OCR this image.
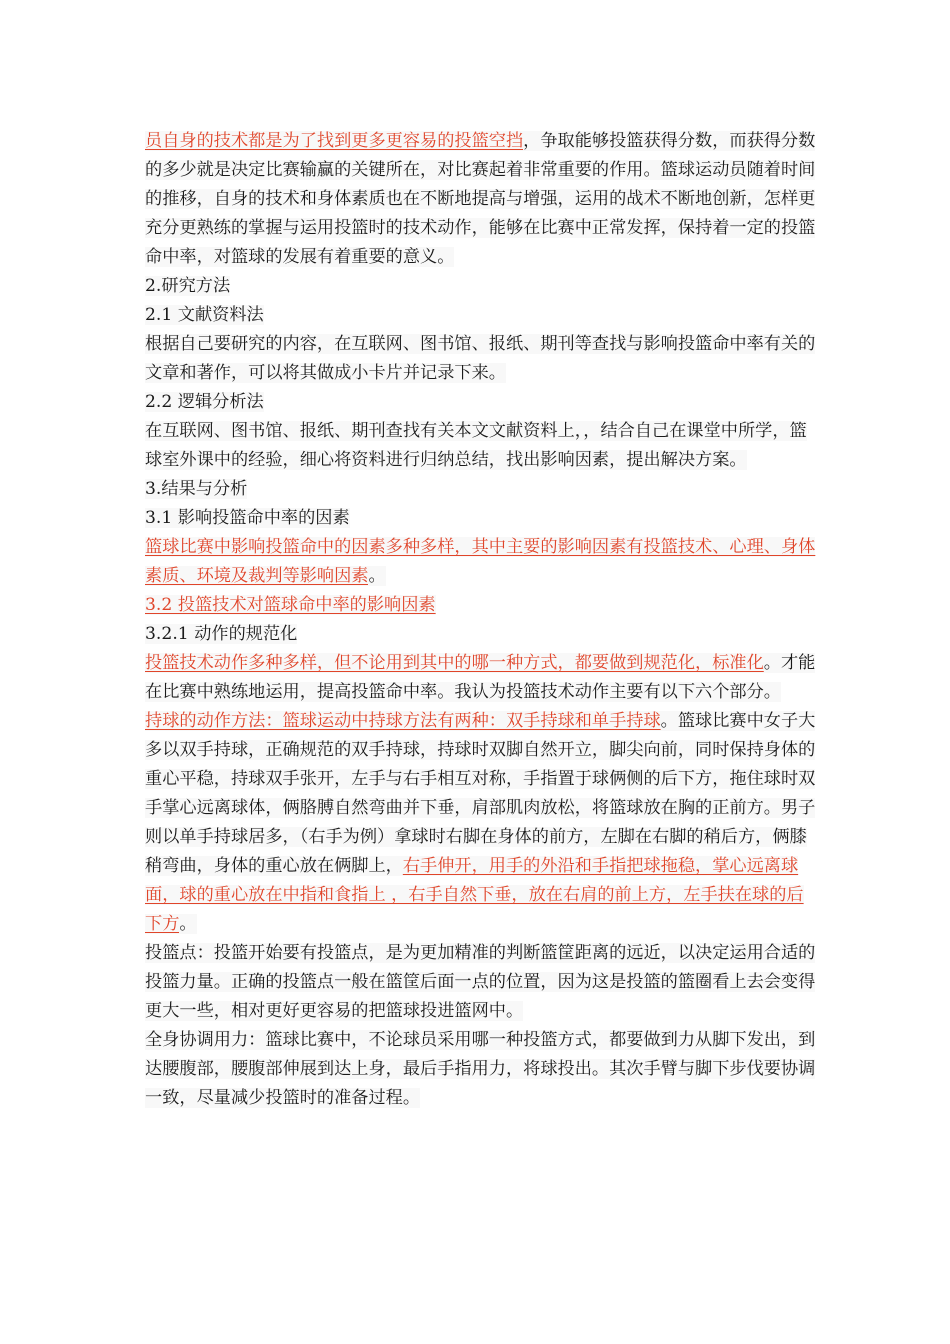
员自身的技术都是为了找到更多更容易的投篮空挡，争取能够投篮获得分数，而获得分数的多少就是决定比赛输赢的关键所在，对比赛起着非常重要的作用。篮球运动员随着时间的推移，自身的技术和身体素质也在不断地提高与增强，运用的战术不断地创新，怎样更充分更熟练的掌握与运用投篮时的技术动作，能够在比赛中正常发挥，保持着一定的投篮命中率，对篮球的发展有着重要的意义。

2.研究方法

2.1 文献资料法

根据自己要研究的内容，在互联网、图书馆、报纸、期刊等查找与影响投篮命中率有关的文章和著作，可以将其做成小卡片并记录下来。

2.2 逻辑分析法

在互联网、图书馆、报纸、期刊查找有关本文文献资料上，，结合自己在课堂中所学，篮球室外课中的经验，细心将资料进行归纳总结，找出影响因素，提出解决方案。

3.结果与分析

3.1 影响投篮命中率的因素

篮球比赛中影响投篮命中的因素多种多样，其中主要的影响因素有投篮技术、心理、身体素质、环境及裁判等影响因素。

3.2 投篮技术对篮球命中率的影响因素

3.2.1 动作的规范化

投篮技术动作多种多样，但不论用到其中的哪一种方式，都要做到规范化，标准化。才能在比赛中熟练地运用，提高投篮命中率。我认为投篮技术动作主要有以下六个部分。

持球的动作方法：篮球运动中持球方法有两种：双手持球和单手持球。篮球比赛中女子大多以双手持球，正确规范的双手持球，持球时双脚自然开立，脚尖向前，同时保持身体的重心平稳，持球双手张开，左手与右手相互对称，手指置于球俩侧的后下方，拖住球时双手掌心远离球体，俩胳膊自然弯曲并下垂，肩部肌肉放松，将篮球放在胸的正前方。男子则以单手持球居多，（右手为例）拿球时右脚在身体的前方，左脚在右脚的稍后方，俩膝稍弯曲，身体的重心放在俩脚上，右手伸开，用手的外沿和手指把球拖稳，掌心远离球面，球的重心放在中指和食指上 ，右手自然下垂，放在右肩的前上方，左手扶在球的后下方。

投篮点：投篮开始要有投篮点，是为更加精准的判断篮筐距离的远近，以决定运用合适的投篮力量。正确的投篮点一般在篮筐后面一点的位置，因为这是投篮的篮圈看上去会变得更大一些，相对更好更容易的把篮球投进篮网中。

全身协调用力：篮球比赛中，不论球员采用哪一种投篮方式，都要做到力从脚下发出，到达腰腹部，腰腹部伸展到达上身，最后手指用力，将球投出。其次手臂与脚下步伐要协调一致，尽量减少投篮时的准备过程。
